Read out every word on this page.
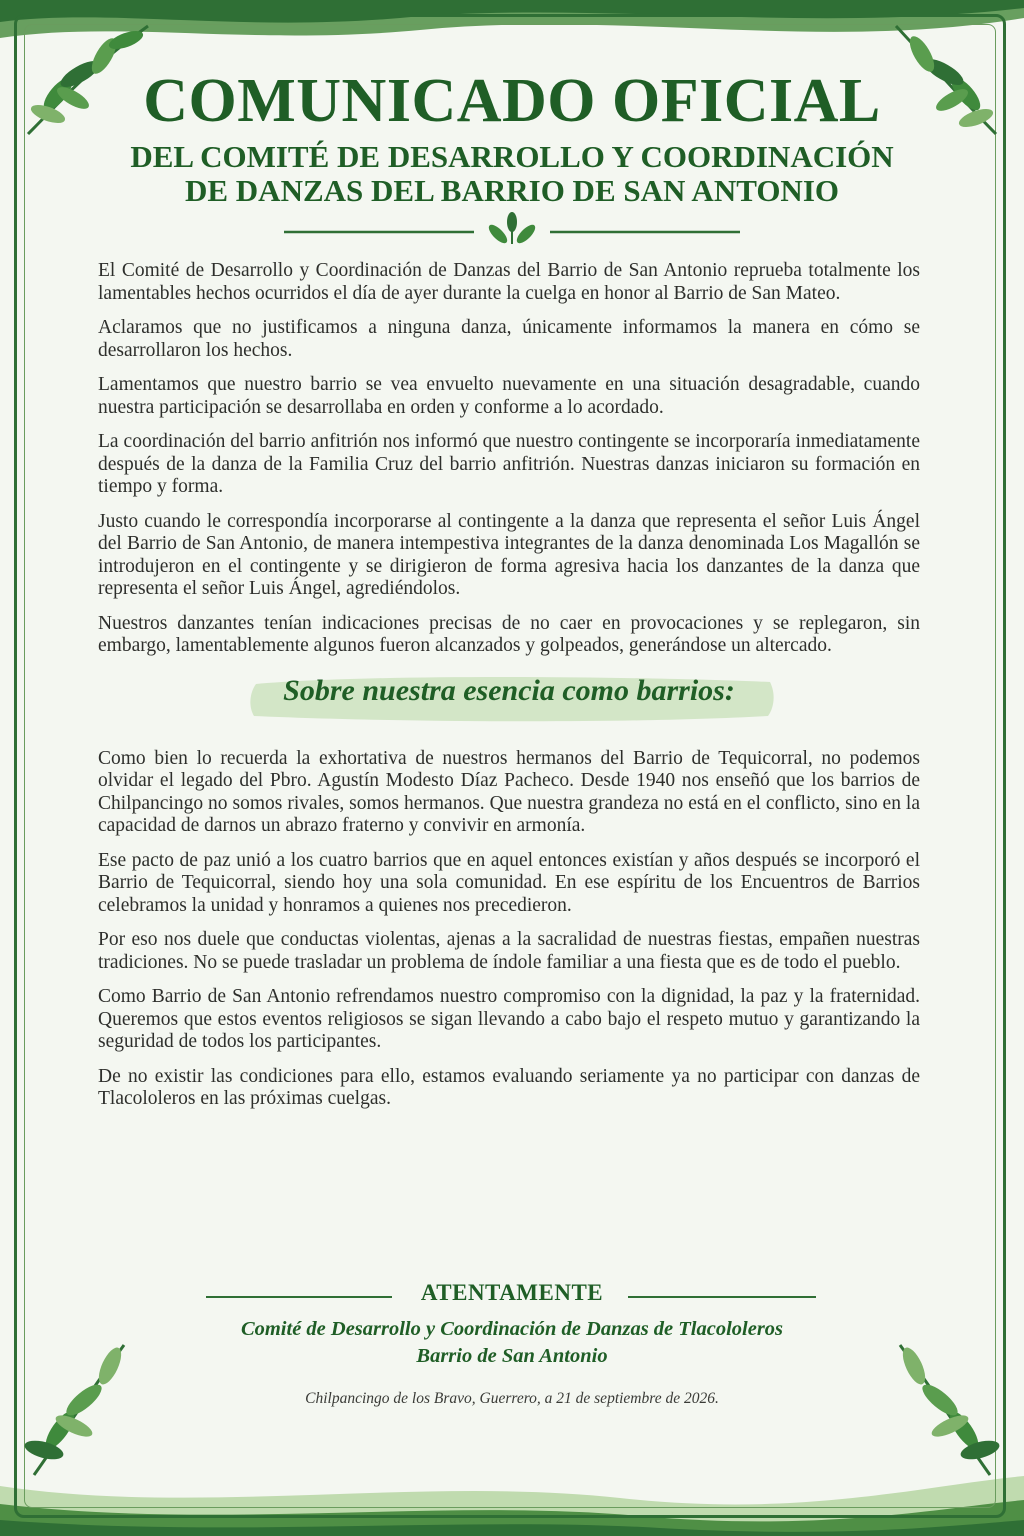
COMUNICADO OFICIAL
DEL COMITÉ DE DESARROLLO Y COORDINACIÓN
DE DANZAS DEL BARRIO DE SAN ANTONIO

El Comité de Desarrollo y Coordinación de Danzas del Barrio de San Antonio reprueba totalmente los lamentables hechos ocurridos el día de ayer durante la cuelga en honor al Barrio de San Mateo.

Aclaramos que no justificamos a ninguna danza, únicamente informamos la manera en cómo se desarrollaron los hechos.

Lamentamos que nuestro barrio se vea envuelto nuevamente en una situación desagradable, cuando nuestra participación se desarrollaba en orden y conforme a lo acordado.

La coordinación del barrio anfitrión nos informó que nuestro contingente se incorporaría inmediatamente después de la danza de la Familia Cruz del barrio anfitrión. Nuestras danzas iniciaron su formación en tiempo y forma.

Justo cuando le correspondía incorporarse al contingente a la danza que representa el señor Luis Ángel del Barrio de San Antonio, de manera intempestiva integrantes de la danza denominada Los Magallón se introdujeron en el contingente y se dirigieron de forma agresiva hacia los danzantes de la danza que representa el señor Luis Ángel, agrediéndolos.

Nuestros danzantes tenían indicaciones precisas de no caer en provocaciones y se replegaron, sin embargo, lamentablemente algunos fueron alcanzados y golpeados, generándose un altercado.

Sobre nuestra esencia como barrios:

Como bien lo recuerda la exhortativa de nuestros hermanos del Barrio de Tequicorral, no podemos olvidar el legado del Pbro. Agustín Modesto Díaz Pacheco. Desde 1940 nos enseñó que los barrios de Chilpancingo no somos rivales, somos hermanos. Que nuestra grandeza no está en el conflicto, sino en la capacidad de darnos un abrazo fraterno y convivir en armonía.

Ese pacto de paz unió a los cuatro barrios que en aquel entonces existían y años después se incorporó el Barrio de Tequicorral, siendo hoy una sola comunidad. En ese espíritu de los Encuentros de Barrios celebramos la unidad y honramos a quienes nos precedieron.

Por eso nos duele que conductas violentas, ajenas a la sacralidad de nuestras fiestas, empañen nuestras tradiciones. No se puede trasladar un problema de índole familiar a una fiesta que es de todo el pueblo.

Como Barrio de San Antonio refrendamos nuestro compromiso con la dignidad, la paz y la fraternidad. Queremos que estos eventos religiosos se sigan llevando a cabo bajo el respeto mutuo y garantizando la seguridad de todos los participantes.

De no existir las condiciones para ello, estamos evaluando seriamente ya no participar con danzas de Tlacololeros en las próximas cuelgas.

ATENTAMENTE
Comité de Desarrollo y Coordinación de Danzas de Tlacololeros
Barrio de San Antonio
Chilpancingo de los Bravo, Guerrero, a 21 de septiembre de 2026.
